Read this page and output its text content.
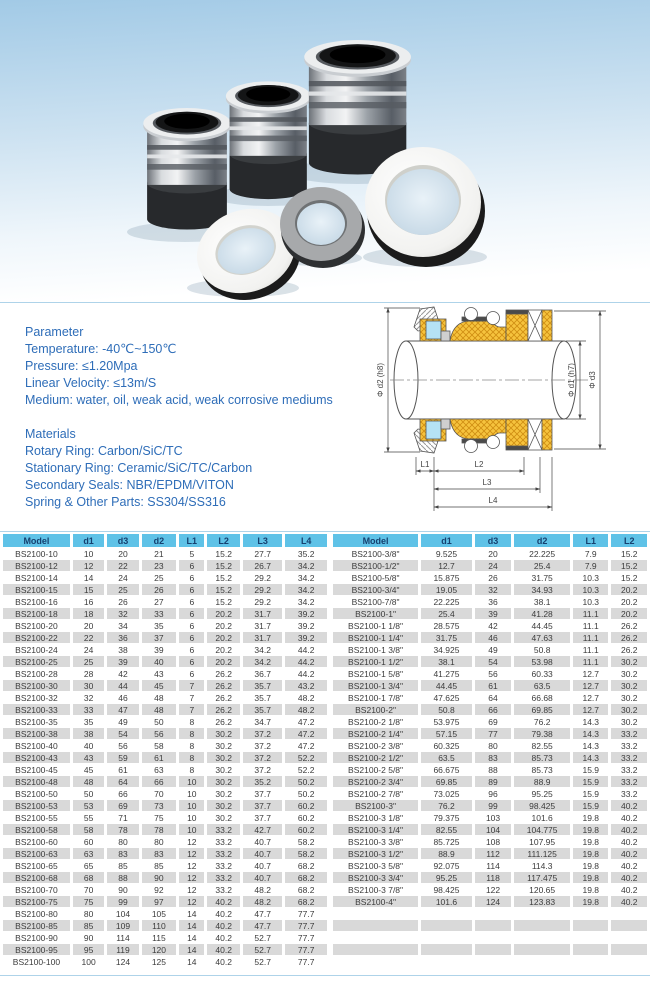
Parameter
Temperature: -40℃~150℃
Pressure: ≤1.20Mpa
Linear Velocity: ≤13m/S
Medium: water, oil, weak acid, weak corrosive mediums
Materials
Rotary Ring: Carbon/SiC/TC
Stationary Ring: Ceramic/SiC/TC/Carbon
Secondary Seals: NBR/EPDM/VITON
Spring & Other Parts: SS304/SS316
Φ d2 (h8)	Φ d1 (h7) Φ d3
L1	L2
L3
L4
Model	d1	d3	d2	L1	L2	L3	L4
BS2100-10	10	20	21	5	15.2	27.7	35.2
BS2100-12	12	22	23	6	15.2	26.7	34.2
BS2100-14	14	24	25	6	15.2	29.2	34.2
BS2100-15	15	25	26	6	15.2	29.2	34.2
BS2100-16	16	26	27	6	15.2	29.2	34.2
BS2100-18	18	32	33	6	20.2	31.7	39.2
BS2100-20	20	34	35	6	20.2	31.7	39.2
BS2100-22	22	36	37	6	20.2	31.7	39.2
BS2100-24	24	38	39	6	20.2	34.2	44.2
BS2100-25	25	39	40	6	20.2	34.2	44.2
BS2100-28	28	42	43	6	26.2	36.7	44.2
BS2100-30	30	44	45	7	26.2	35.7	43.2
BS2100-32	32	46	48	7	26.2	35.7	48.2
BS2100-33	33	47	48	7	26.2	35.7	48.2
BS2100-35	35	49	50	8	26.2	34.7	47.2
BS2100-38	38	54	56	8	30.2	37.2	47.2
BS2100-40	40	56	58	8	30.2	37.2	47.2
BS2100-43	43	59	61	8	30.2	37.2	52.2
BS2100-45	45	61	63	8	30.2	37.2	52.2
BS2100-48	48	64	66	10	30.2	35.2	50.2
BS2100-50	50	66	70	10	30.2	37.7	50.2
BS2100-53	53	69	73	10	30.2	37.7	60.2
BS2100-55	55	71	75	10	30.2	37.7	60.2
BS2100-58	58	78	78	10	33.2	42.7	60.2
BS2100-60	60	80	80	12	33.2	40.7	58.2
BS2100-63	63	83	83	12	33.2	40.7	58.2
BS2100-65	65	85	85	12	33.2	40.7	68.2
BS2100-68	68	88	90	12	33.2	40.7	68.2
BS2100-70	70	90	92	12	33.2	48.2	68.2
BS2100-75	75	99	97	12	40.2	48.2	68.2
BS2100-80	80	104	105	14	40.2	47.7	77.7
BS2100-85	85	109	110	14	40.2	47.7	77.7
BS2100-90	90	114	115	14	40.2	52.7	77.7
BS2100-95	95	119	120	14	40.2	52.7	77.7
BS2100-100	100	124	125	14	40.2	52.7	77.7
Model	d1	d3	d2	L1	L2
BS2100-3/8"	9.525	20	22.225	7.9	15.2
BS2100-1/2"	12.7	24	25.4	7.9	15.2
BS2100-5/8"	15.875	26	31.75	10.3	15.2
BS2100-3/4"	19.05	32	34.93	10.3	20.2
BS2100-7/8"	22.225	36	38.1	10.3	20.2
BS2100-1"	25.4	39	41.28	11.1	20.2
BS2100-1 1/8"	28.575	42	44.45	11.1	26.2
BS2100-1 1/4"	31.75	46	47.63	11.1	26.2
BS2100-1 3/8"	34.925	49	50.8	11.1	26.2
BS2100-1 1/2"	38.1	54	53.98	11.1	30.2
BS2100-1 5/8"	41.275	56	60.33	12.7	30.2
BS2100-1 3/4"	44.45	61	63.5	12.7	30.2
BS2100-1 7/8"	47.625	64	66.68	12.7	30.2
BS2100-2"	50.8	66	69.85	12.7	30.2
BS2100-2 1/8"	53.975	69	76.2	14.3	30.2
BS2100-2 1/4"	57.15	77	79.38	14.3	33.2
BS2100-2 3/8"	60.325	80	82.55	14.3	33.2
BS2100-2 1/2"	63.5	83	85.73	14.3	33.2
BS2100-2 5/8"	66.675	88	85.73	15.9	33.2
BS2100-2 3/4"	69.85	89	88.9	15.9	33.2
BS2100-2 7/8"	73.025	96	95.25	15.9	33.2
BS2100-3"	76.2	99	98.425	15.9	40.2
BS2100-3 1/8"	79.375	103	101.6	19.8	40.2
BS2100-3 1/4"	82.55	104	104.775	19.8	40.2
BS2100-3 3/8"	85.725	108	107.95	19.8	40.2
BS2100-3 1/2"	88.9	112	111.125	19.8	40.2
BS2100-3 5/8"	92.075	114	114.3	19.8	40.2
BS2100-3 3/4"	95.25	118	117.475	19.8	40.2
BS2100-3 7/8"	98.425	122	120.65	19.8	40.2
BS2100-4"	101.6	124	123.83	19.8	40.2
